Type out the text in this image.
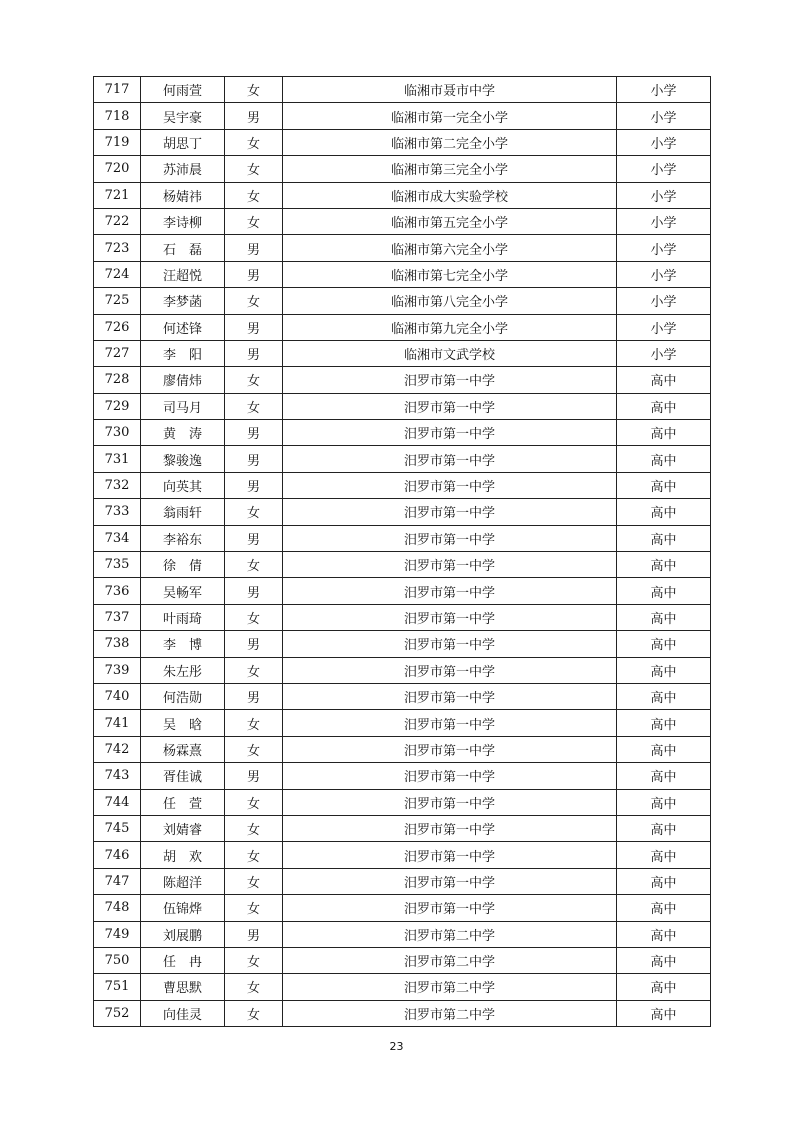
717	何雨萱	女	临湘市聂市中学	小学
718	吴宇豪	男	临湘市第一完全小学	小学
719	胡思丁	女	临湘市第二完全小学	小学
720	苏沛晨	女	临湘市第三完全小学	小学
721	杨婧祎	女	临湘市成大实验学校	小学
722	李诗柳	女	临湘市第五完全小学	小学
723	石　磊	男	临湘市第六完全小学	小学
724	汪超悦	男	临湘市第七完全小学	小学
725	李梦菡	女	临湘市第八完全小学	小学
726	何述锋	男	临湘市第九完全小学	小学
727	李　阳	男	临湘市文武学校	小学
728	廖倩炜	女	汨罗市第一中学	高中
729	司马月	女	汨罗市第一中学	高中
730	黄　涛	男	汨罗市第一中学	高中
731	黎骏逸	男	汨罗市第一中学	高中
732	向英其	男	汨罗市第一中学	高中
733	翁雨轩	女	汨罗市第一中学	高中
734	李裕东	男	汨罗市第一中学	高中
735	徐　倩	女	汨罗市第一中学	高中
736	吴畅军	男	汨罗市第一中学	高中
737	叶雨琦	女	汨罗市第一中学	高中
738	李　博	男	汨罗市第一中学	高中
739	朱左彤	女	汨罗市第一中学	高中
740	何浩勋	男	汨罗市第一中学	高中
741	吴　晗	女	汨罗市第一中学	高中
742	杨霖熹	女	汨罗市第一中学	高中
743	胥佳诚	男	汨罗市第一中学	高中
744	任　萱	女	汨罗市第一中学	高中
745	刘婧睿	女	汨罗市第一中学	高中
746	胡　欢	女	汨罗市第一中学	高中
747	陈超洋	女	汨罗市第一中学	高中
748	伍锦烨	女	汨罗市第一中学	高中
749	刘展鹏	男	汨罗市第二中学	高中
750	任　冉	女	汨罗市第二中学	高中
751	曹思默	女	汨罗市第二中学	高中
752	向佳灵	女	汨罗市第二中学	高中
23
